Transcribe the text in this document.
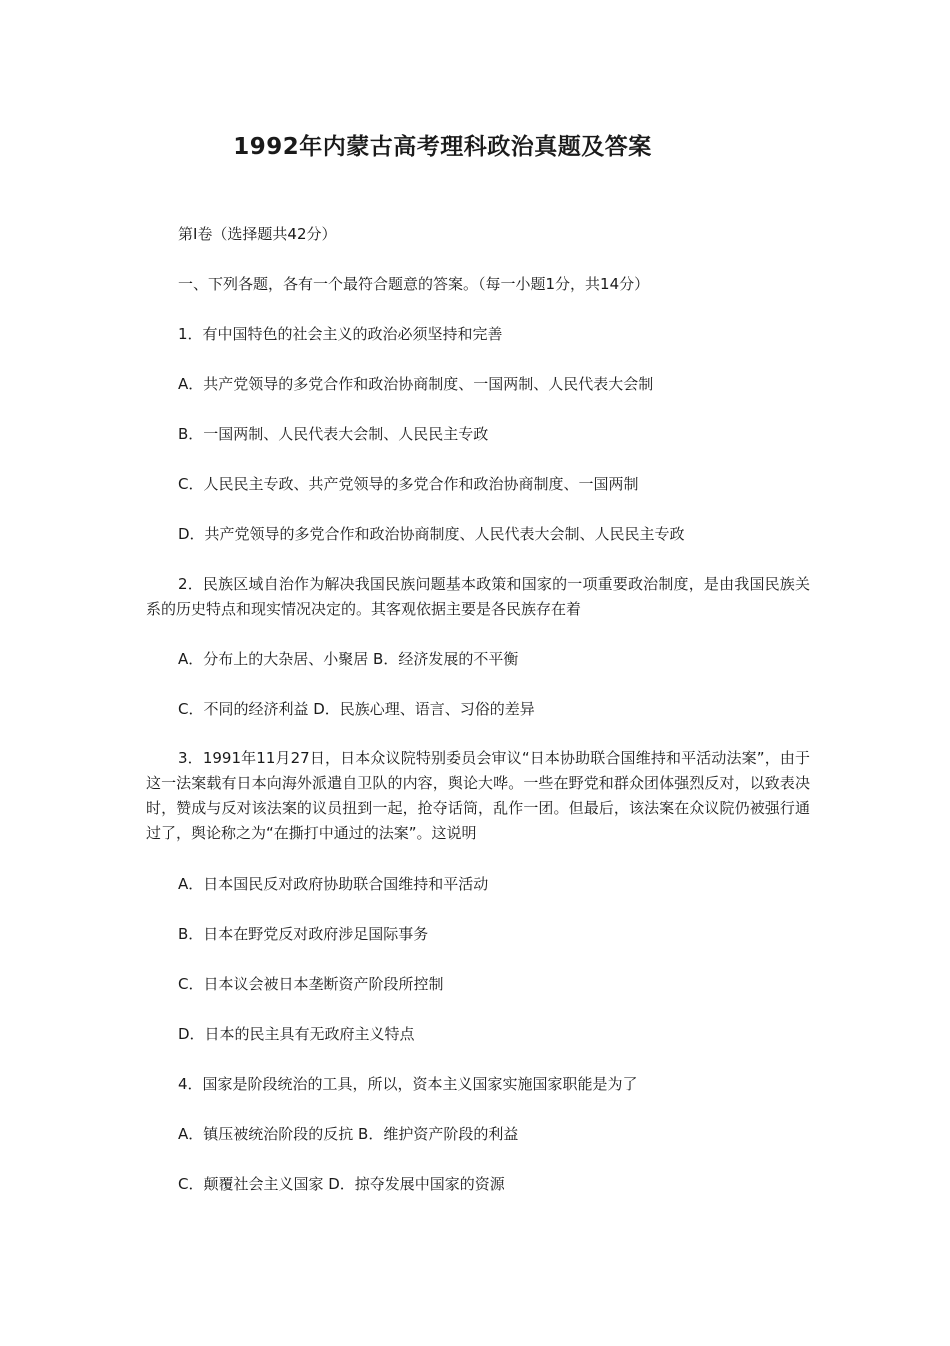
1992年内蒙古高考理科政治真题及答案
第Ⅰ卷（选择题共42分）
一、下列各题，各有一个最符合题意的答案。（每一小题1分，共14分）
1．有中国特色的社会主义的政治必须坚持和完善
A．共产党领导的多党合作和政治协商制度、一国两制、人民代表大会制
B．一国两制、人民代表大会制、人民民主专政
C．人民民主专政、共产党领导的多党合作和政治协商制度、一国两制
D．共产党领导的多党合作和政治协商制度、人民代表大会制、人民民主专政
2．民族区域自治作为解决我国民族问题基本政策和国家的一项重要政治制度，是由我国民族关系的历史特点和现实情况决定的。其客观依据主要是各民族存在着
A．分布上的大杂居、小聚居 B．经济发展的不平衡
C．不同的经济利益 D．民族心理、语言、习俗的差异
3．1991年11月27日，日本众议院特别委员会审议“日本协助联合国维持和平活动法案”，由于这一法案载有日本向海外派遣自卫队的内容，舆论大哗。一些在野党和群众团体强烈反对，以致表决时，赞成与反对该法案的议员扭到一起，抢夺话筒，乱作一团。但最后，该法案在众议院仍被强行通过了，舆论称之为“在撕打中通过的法案”。这说明
A．日本国民反对政府协助联合国维持和平活动
B．日本在野党反对政府涉足国际事务
C．日本议会被日本垄断资产阶段所控制
D．日本的民主具有无政府主义特点
4．国家是阶段统治的工具，所以，资本主义国家实施国家职能是为了
A．镇压被统治阶段的反抗 B．维护资产阶段的利益
C．颠覆社会主义国家 D．掠夺发展中国家的资源
